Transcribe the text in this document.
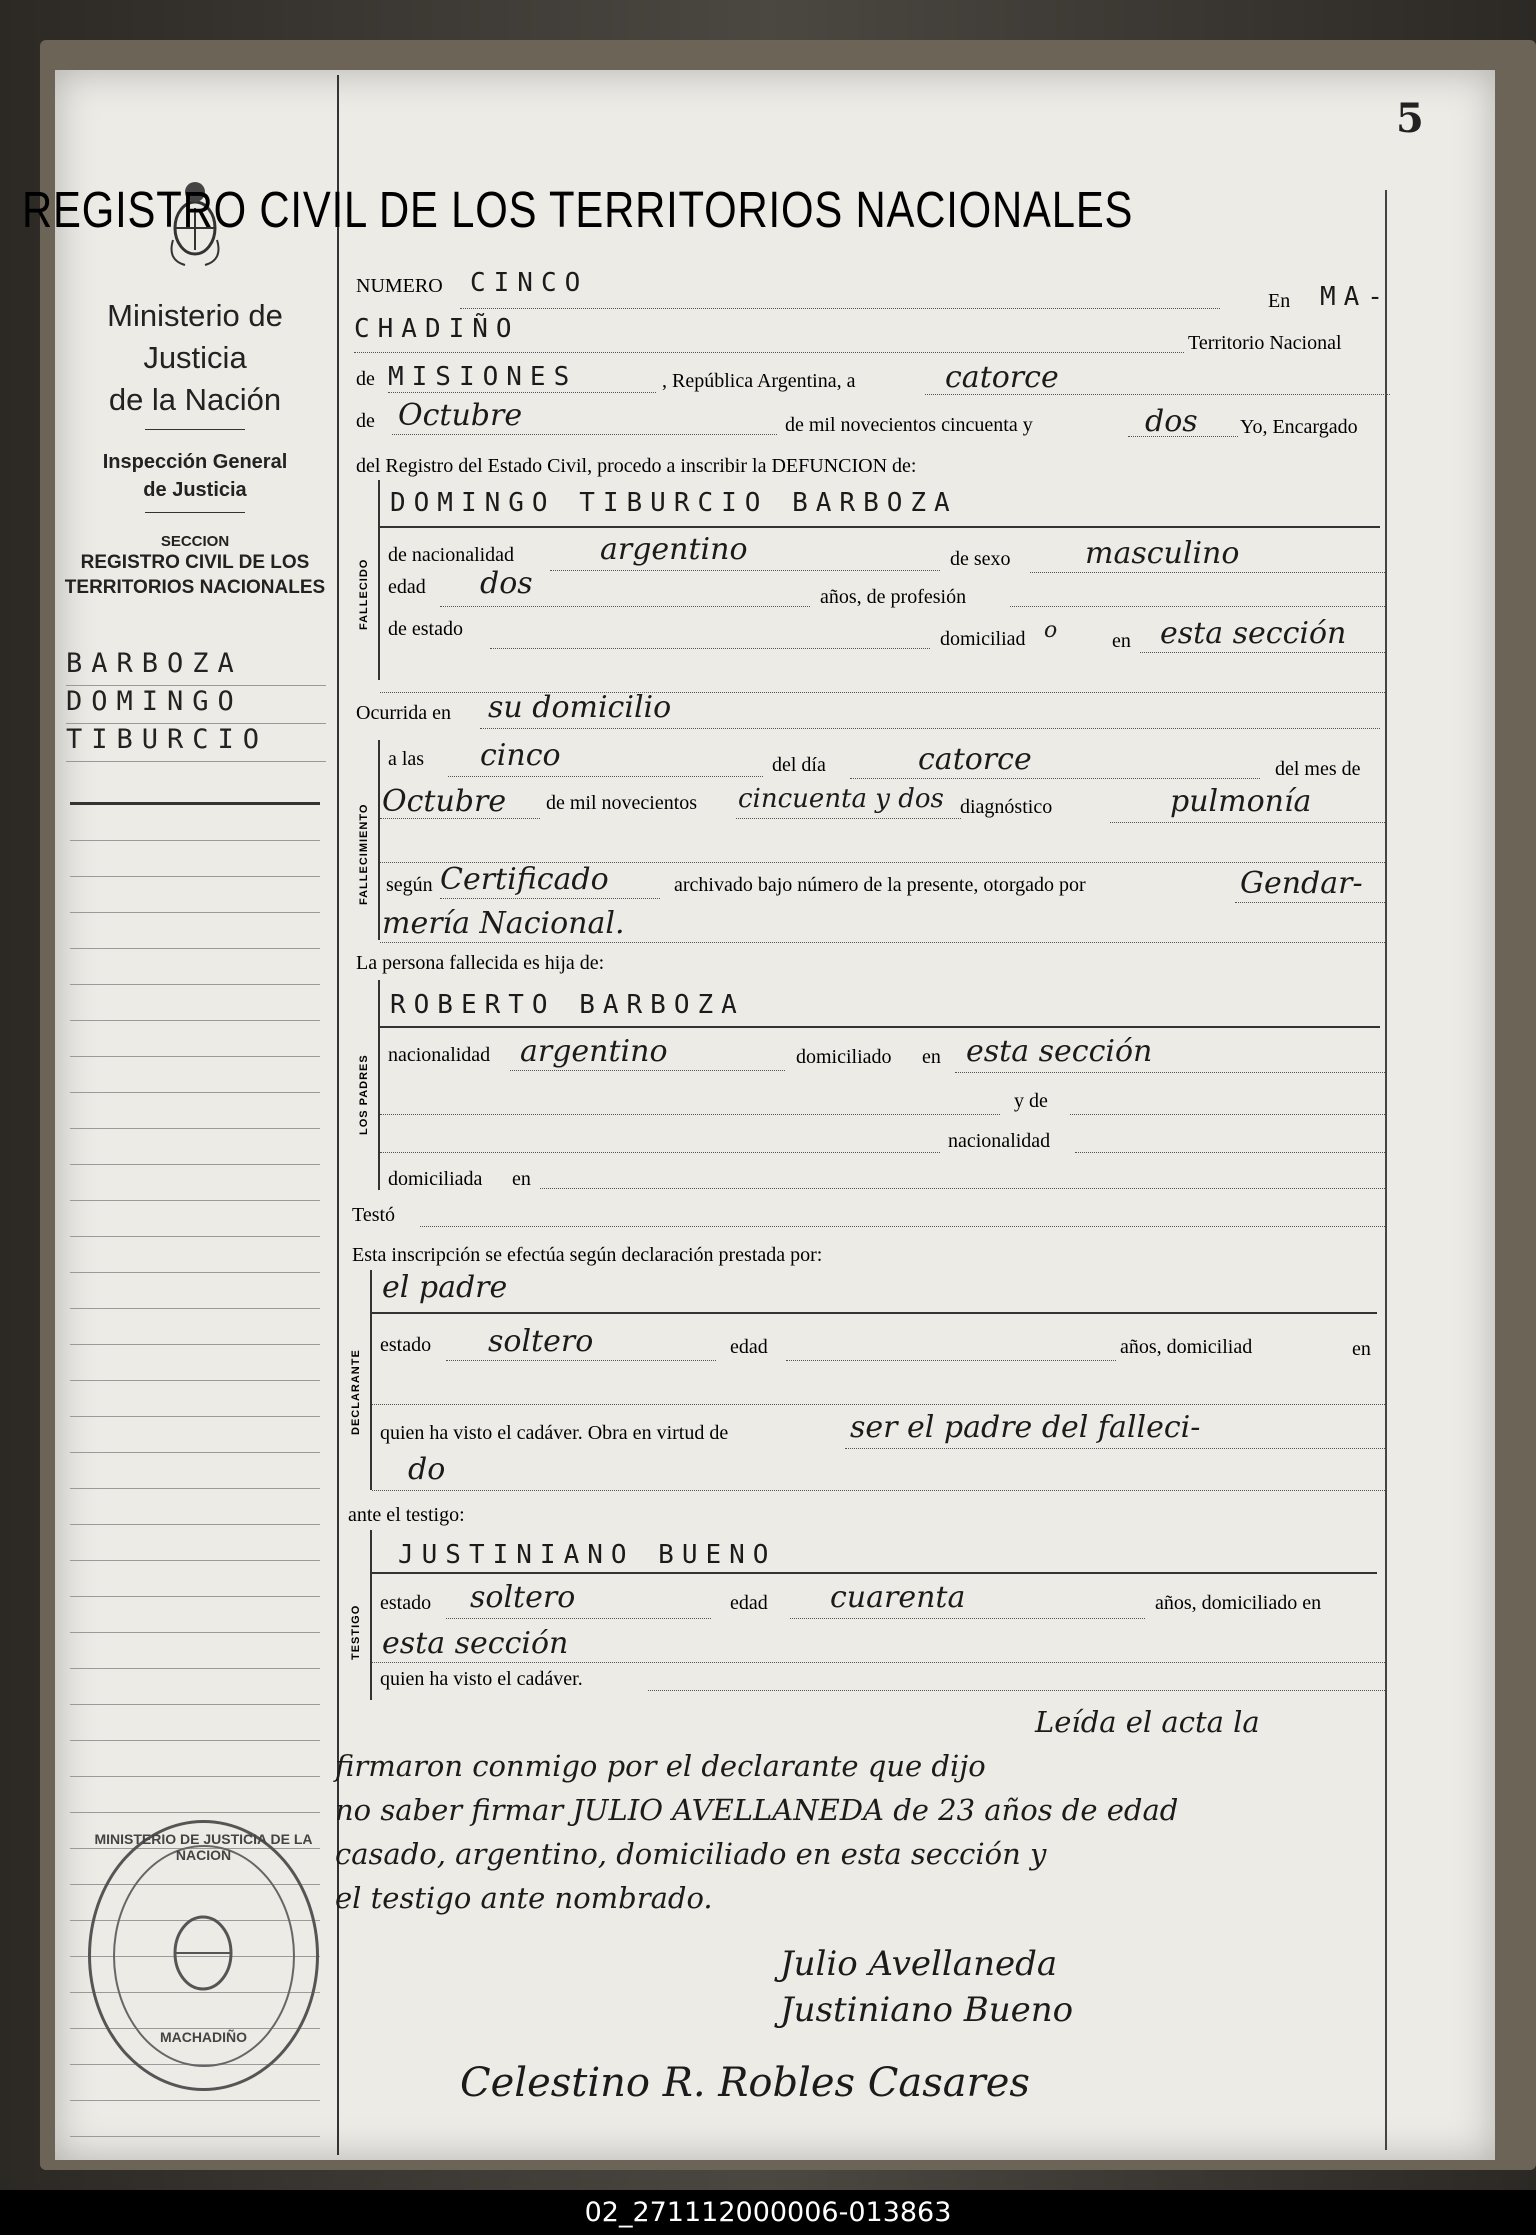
5
Ministerio de Justicia
de la Nación
Inspección General
de Justicia
SECCION
REGISTRO CIVIL DE LOS
TERRITORIOS NACIONALES
BARBOZA
DOMINGO
TIBURCIO
REGISTRO CIVIL DE LOS TERRITORIOS NACIONALES
NUMERO CINCO
En MA-
CHADIÑO	Territorio Nacional
de MISIONES	, República Argentina, a	catorce
de Octubre	de mil novecientos cincuenta y	dos Yo, Encargado
del Registro del Estado Civil, procedo a inscribir la DEFUNCION de:
FALLECIDO
DOMINGO TIBURCIO BARBOZA
de nacionalidad	argentino	de sexo masculino
edad dos	años, de profesión
de estado	domiciliad o	en esta sección
Ocurrida en su domicilio
FALLECIMIENTO
a las cinco	del día	catorce	del mes de
Octubre de mil novecientos cincuenta y dos diagnóstico	pulmonía
según Certificado	archivado bajo número de la presente, otorgado por	Gendar-
mería Nacional.
La persona fallecida es hija de:
LOS PADRES
ROBERTO BARBOZA
nacionalidad argentino	domiciliado en esta sección
y de
nacionalidad
domiciliada en
Testó
Esta inscripción se efectúa según declaración prestada por:
DECLARANTE
el padre
estado soltero	edad	años, domiciliad	en
quien ha visto el cadáver. Obra en virtud de	ser el padre del falleci-
do
ante el testigo:
TESTIGO
JUSTINIANO BUENO
estado soltero	edad cuarenta	años, domiciliado en
esta sección
quien ha visto el cadáver.
Leída el acta la
firmaron conmigo por el declarante que dijo
no saber firmar JULIO AVELLANEDA de 23 años de edad
casado, argentino, domiciliado en esta sección y
el testigo ante nombrado.
Julio Avellaneda
Justiniano Bueno
Celestino R. Robles Casares
MINISTERIO DE JUSTICIA DE LA NACION
MACHADIÑO
02_271112000006-013863
